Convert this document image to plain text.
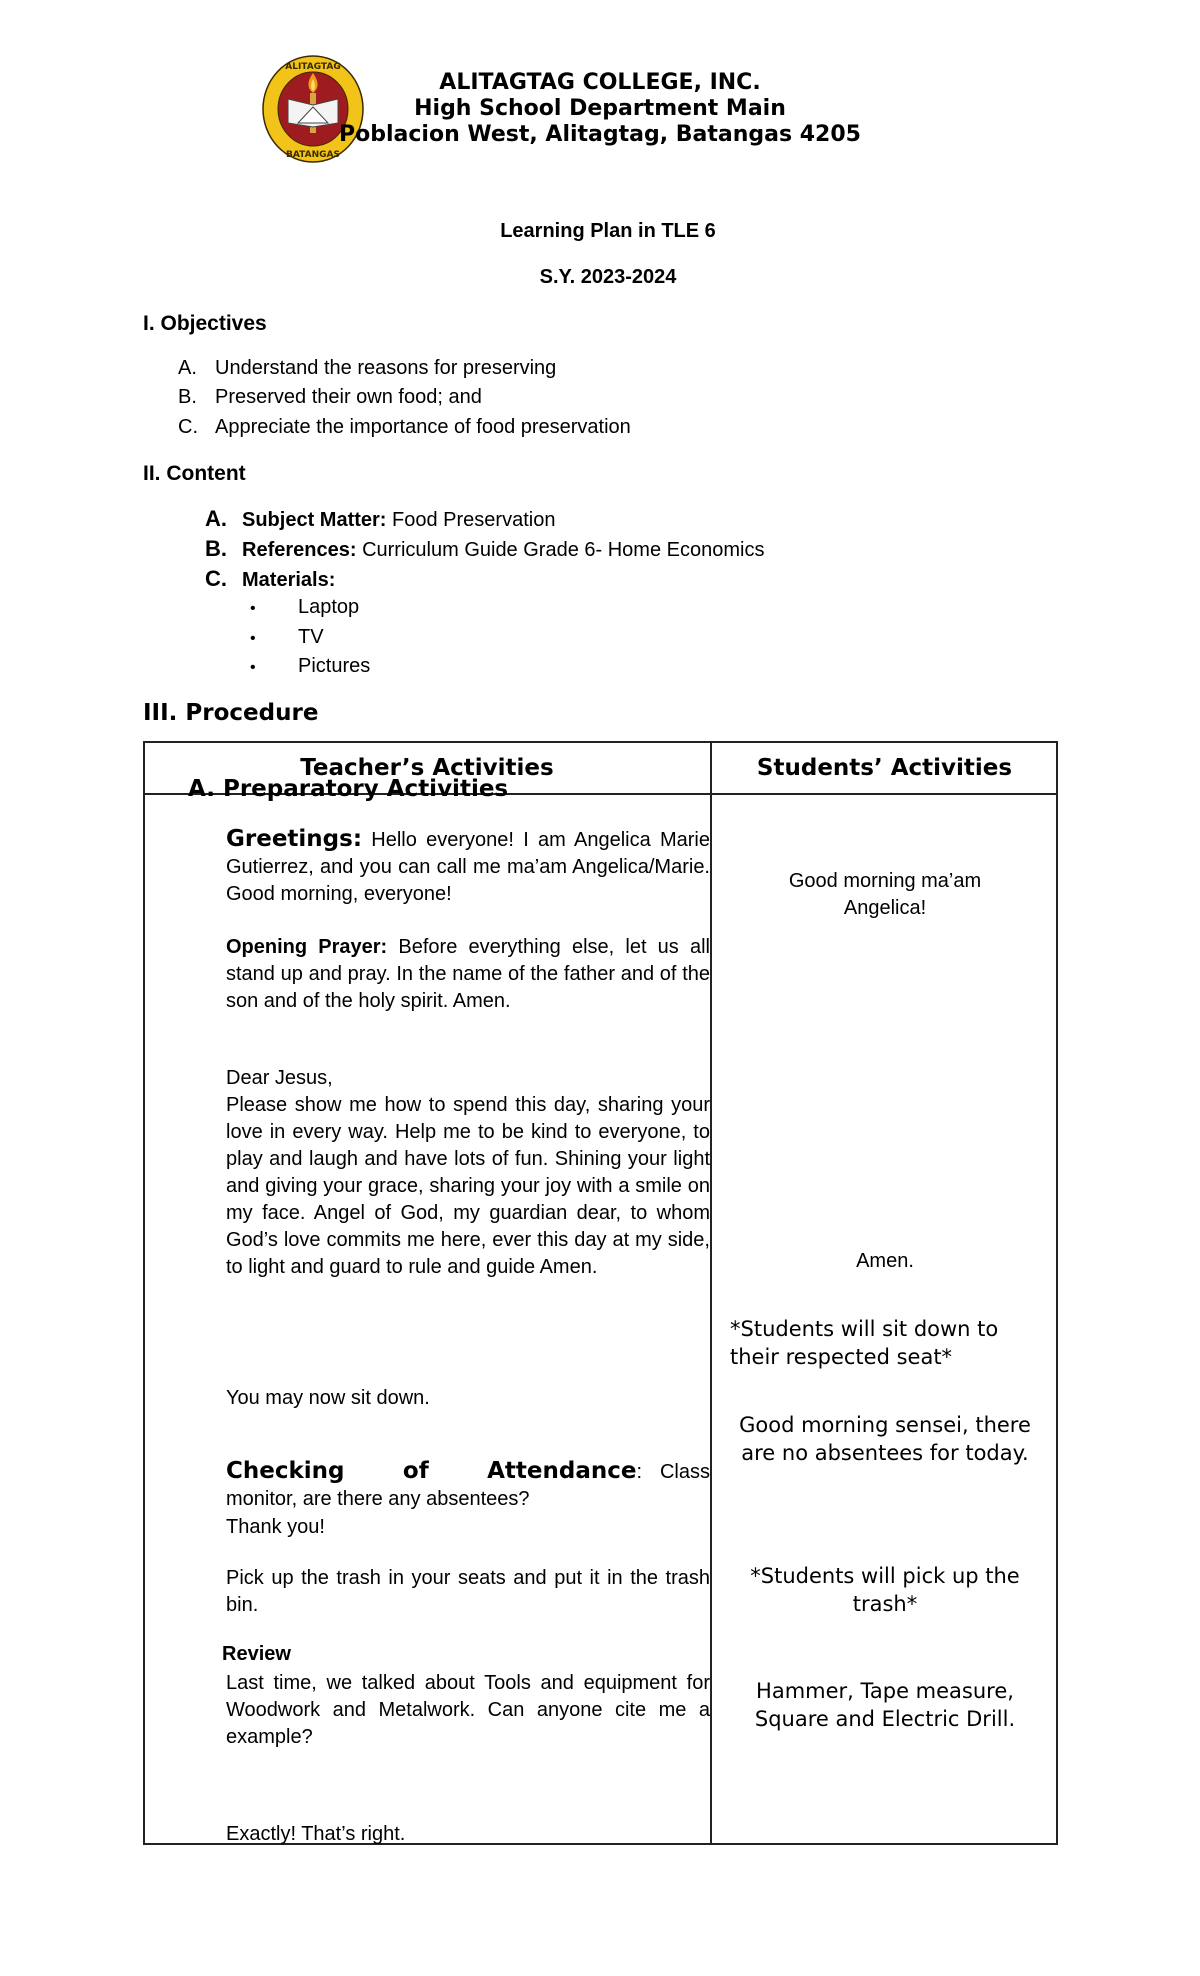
ALITAGTAG
BATANGAS
ALITAGTAG COLLEGE, INC.
High School Department Main
Poblacion West, Alitagtag, Batangas 4205
Learning Plan in TLE 6
S.Y. 2023-2024
I. Objectives
A. Understand the reasons for preserving
B. Preserved their own food; and
C. Appreciate the importance of food preservation
II. Content
A. Subject Matter: Food Preservation
B. References: Curriculum Guide Grade 6- Home Economics
C. Materials:
• Laptop
• TV
• Pictures
III. Procedure
Teacher’s Activities	Students’ Activities
A. Preparatory Activities
Greetings: Hello everyone! I am Angelica Marie Gutierrez, and you can call me ma’am Angelica/Marie. Good morning, everyone!
Opening Prayer: Before everything else, let us all stand up and pray. In the name of the father and of the son and of the holy spirit. Amen.
Dear Jesus,
Please show me how to spend this day, sharing your love in every way. Help me to be kind to everyone, to play and laugh and have lots of fun. Shining your light and giving your grace, sharing your joy with a smile on my face. Angel of God, my guardian dear, to whom God’s love commits me here, ever this day at my side, to light and guard to rule and guide Amen.
You may now sit down.
Checking of Attendance: Class monitor, are there any absentees?
Thank you!
Pick up the trash in your seats and put it in the trash bin.
Review
Last time, we talked about Tools and equipment for Woodwork and Metalwork. Can anyone cite me a example?
Exactly! That’s right.
Good morning ma’am Angelica!
Amen.
*Students will sit down to their respected seat*
Good morning sensei, there are no absentees for today.
*Students will pick up the trash*
Hammer, Tape measure, Square and Electric Drill.
